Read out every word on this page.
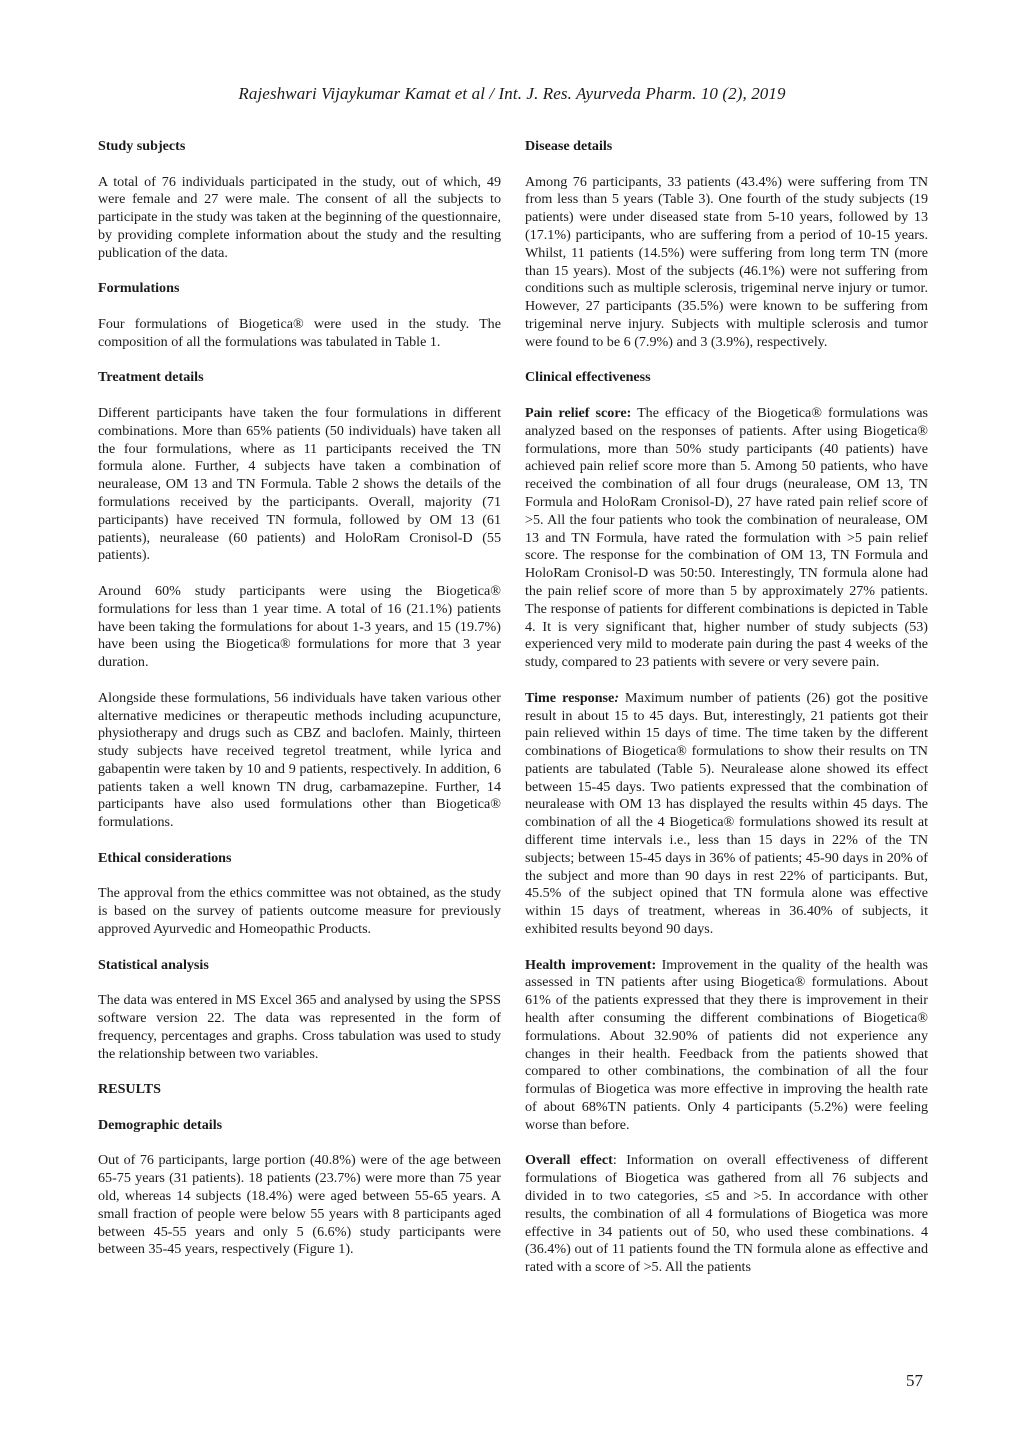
Rajeshwari Vijaykumar Kamat et al / Int. J. Res. Ayurveda Pharm. 10 (2), 2019

Study subjects

A total of 76 individuals participated in the study, out of which, 49 were female and 27 were male. The consent of all the subjects to participate in the study was taken at the beginning of the questionnaire, by providing complete information about the study and the resulting publication of the data.

Formulations

Four formulations of Biogetica® were used in the study. The composition of all the formulations was tabulated in Table 1.

Treatment details

Different participants have taken the four formulations in different combinations. More than 65% patients (50 individuals) have taken all the four formulations, where as 11 participants received the TN formula alone. Further, 4 subjects have taken a combination of neuralease, OM 13 and TN Formula. Table 2 shows the details of the formulations received by the participants. Overall, majority (71 participants) have received TN formula, followed by OM 13 (61 patients), neuralease (60 patients) and HoloRam Cronisol-D (55 patients).

Around 60% study participants were using the Biogetica® formulations for less than 1 year time. A total of 16 (21.1%) patients have been taking the formulations for about 1-3 years, and 15 (19.7%) have been using the Biogetica® formulations for more that 3 year duration.

Alongside these formulations, 56 individuals have taken various other alternative medicines or therapeutic methods including acupuncture, physiotherapy and drugs such as CBZ and baclofen. Mainly, thirteen study subjects have received tegretol treatment, while lyrica and gabapentin were taken by 10 and 9 patients, respectively. In addition, 6 patients taken a well known TN drug, carbamazepine. Further, 14 participants have also used formulations other than Biogetica® formulations.

Ethical considerations

The approval from the ethics committee was not obtained, as the study is based on the survey of patients outcome measure for previously approved Ayurvedic and Homeopathic Products.

Statistical analysis

The data was entered in MS Excel 365 and analysed by using the SPSS software version 22. The data was represented in the form of frequency, percentages and graphs. Cross tabulation was used to study the relationship between two variables.

RESULTS

Demographic details

Out of 76 participants, large portion (40.8%) were of the age between 65-75 years (31 patients). 18 patients (23.7%) were more than 75 year old, whereas 14 subjects (18.4%) were aged between 55-65 years. A small fraction of people were below 55 years with 8 participants aged between 45-55 years and only 5 (6.6%) study participants were between 35-45 years, respectively (Figure 1).

Disease details

Among 76 participants, 33 patients (43.4%) were suffering from TN from less than 5 years (Table 3). One fourth of the study subjects (19 patients) were under diseased state from 5-10 years, followed by 13 (17.1%) participants, who are suffering from a period of 10-15 years. Whilst, 11 patients (14.5%) were suffering from long term TN (more than 15 years). Most of the subjects (46.1%) were not suffering from conditions such as multiple sclerosis, trigeminal nerve injury or tumor. However, 27 participants (35.5%) were known to be suffering from trigeminal nerve injury. Subjects with multiple sclerosis and tumor were found to be 6 (7.9%) and 3 (3.9%), respectively.

Clinical effectiveness

Pain relief score: The efficacy of the Biogetica® formulations was analyzed based on the responses of patients. After using Biogetica® formulations, more than 50% study participants (40 patients) have achieved pain relief score more than 5. Among 50 patients, who have received the combination of all four drugs (neuralease, OM 13, TN Formula and HoloRam Cronisol-D), 27 have rated pain relief score of >5. All the four patients who took the combination of neuralease, OM 13 and TN Formula, have rated the formulation with >5 pain relief score. The response for the combination of OM 13, TN Formula and HoloRam Cronisol-D was 50:50. Interestingly, TN formula alone had the pain relief score of more than 5 by approximately 27% patients. The response of patients for different combinations is depicted in Table 4. It is very significant that, higher number of study subjects (53) experienced very mild to moderate pain during the past 4 weeks of the study, compared to 23 patients with severe or very severe pain.

Time response: Maximum number of patients (26) got the positive result in about 15 to 45 days. But, interestingly, 21 patients got their pain relieved within 15 days of time. The time taken by the different combinations of Biogetica® formulations to show their results on TN patients are tabulated (Table 5). Neuralease alone showed its effect between 15-45 days. Two patients expressed that the combination of neuralease with OM 13 has displayed the results within 45 days. The combination of all the 4 Biogetica® formulations showed its result at different time intervals i.e., less than 15 days in 22% of the TN subjects; between 15-45 days in 36% of patients; 45-90 days in 20% of the subject and more than 90 days in rest 22% of participants. But, 45.5% of the subject opined that TN formula alone was effective within 15 days of treatment, whereas in 36.40% of subjects, it exhibited results beyond 90 days.

Health improvement: Improvement in the quality of the health was assessed in TN patients after using Biogetica® formulations. About 61% of the patients expressed that they there is improvement in their health after consuming the different combinations of Biogetica® formulations. About 32.90% of patients did not experience any changes in their health. Feedback from the patients showed that compared to other combinations, the combination of all the four formulas of Biogetica was more effective in improving the health rate of about 68%TN patients. Only 4 participants (5.2%) were feeling worse than before.

Overall effect: Information on overall effectiveness of different formulations of Biogetica was gathered from all 76 subjects and divided in to two categories, ≤5 and >5. In accordance with other results, the combination of all 4 formulations of Biogetica was more effective in 34 patients out of 50, who used these combinations. 4 (36.4%) out of 11 patients found the TN formula alone as effective and rated with a score of >5. All the patients

57
